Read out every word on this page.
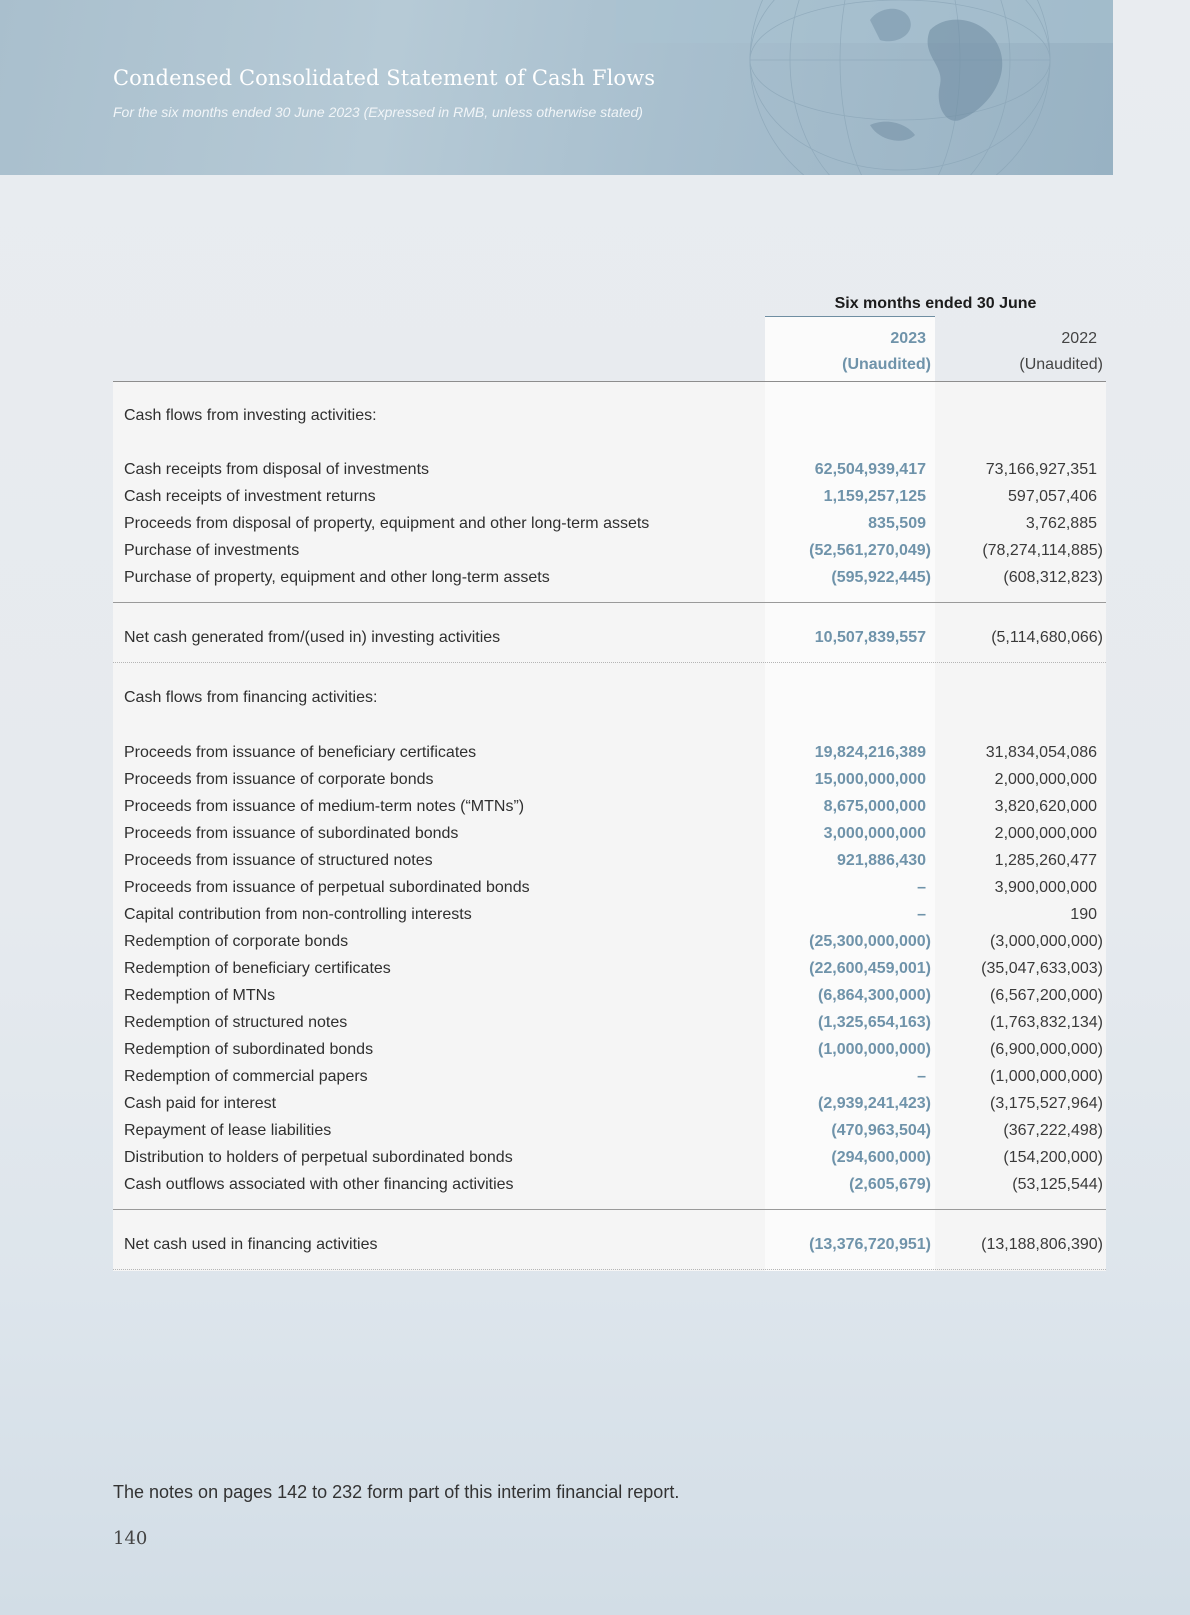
Condensed Consolidated Statement of Cash Flows

For the six months ended 30 June 2023 (Expressed in RMB, unless otherwise stated)

Six months ended 30 June
2023	2022
(Unaudited)	(Unaudited)
Cash flows from investing activities:
Cash receipts from disposal of investments	62,504,939,417	73,166,927,351
Cash receipts of investment returns	1,159,257,125	597,057,406
Proceeds from disposal of property, equipment and other long-term assets	835,509	3,762,885
Purchase of investments	(52,561,270,049)	(78,274,114,885)
Purchase of property, equipment and other long-term assets	(595,922,445)	(608,312,823)
Net cash generated from/(used in) investing activities	10,507,839,557	(5,114,680,066)
Cash flows from financing activities:
Proceeds from issuance of beneficiary certificates	19,824,216,389	31,834,054,086
Proceeds from issuance of corporate bonds	15,000,000,000	2,000,000,000
Proceeds from issuance of medium-term notes (“MTNs”)	8,675,000,000	3,820,620,000
Proceeds from issuance of subordinated bonds	3,000,000,000	2,000,000,000
Proceeds from issuance of structured notes	921,886,430	1,285,260,477
Proceeds from issuance of perpetual subordinated bonds	–	3,900,000,000
Capital contribution from non-controlling interests	–	190
Redemption of corporate bonds	(25,300,000,000)	(3,000,000,000)
Redemption of beneficiary certificates	(22,600,459,001)	(35,047,633,003)
Redemption of MTNs	(6,864,300,000)	(6,567,200,000)
Redemption of structured notes	(1,325,654,163)	(1,763,832,134)
Redemption of subordinated bonds	(1,000,000,000)	(6,900,000,000)
Redemption of commercial papers	–	(1,000,000,000)
Cash paid for interest	(2,939,241,423)	(3,175,527,964)
Repayment of lease liabilities	(470,963,504)	(367,222,498)
Distribution to holders of perpetual subordinated bonds	(294,600,000)	(154,200,000)
Cash outflows associated with other financing activities	(2,605,679)	(53,125,544)
Net cash used in financing activities	(13,376,720,951)	(13,188,806,390)

The notes on pages 142 to 232 form part of this interim financial report.

140
